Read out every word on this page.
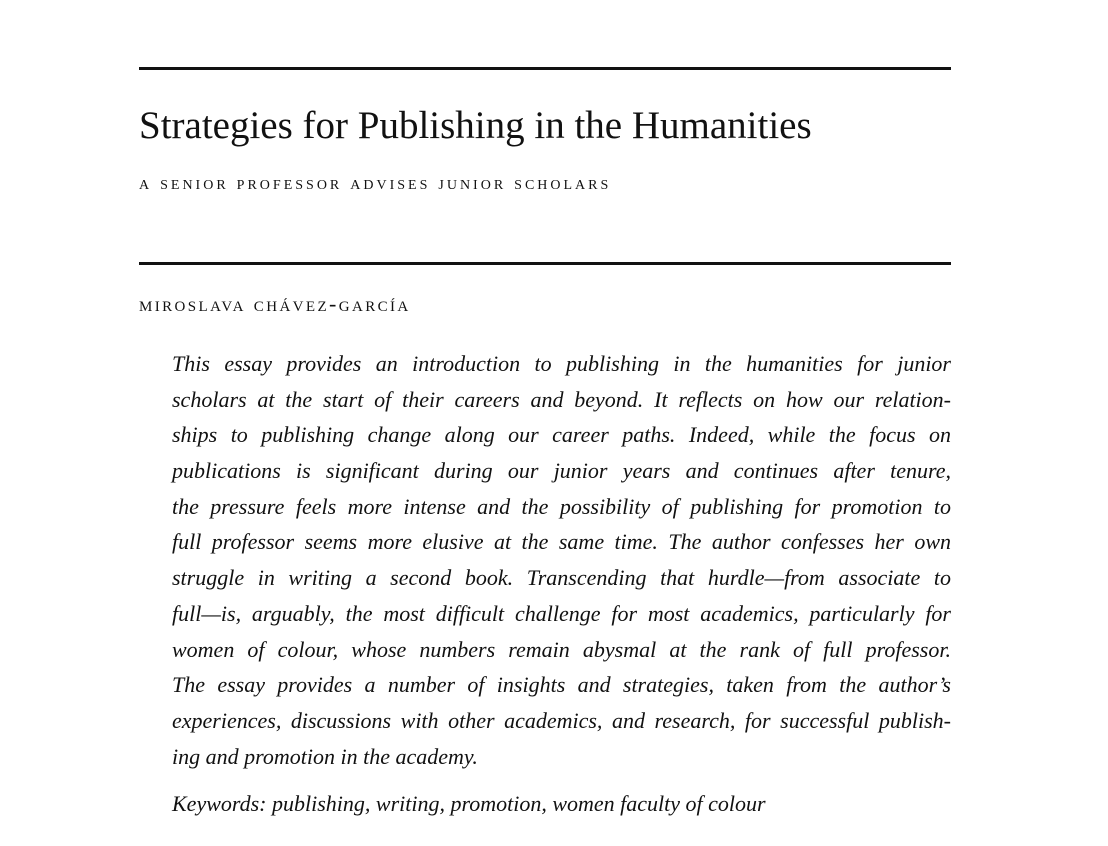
Strategies for Publishing in the Humanities
a senior professor advises junior scholars
miroslava chávez-garcía
This essay provides an introduction to publishing in the humanities for junior
scholars at the start of their careers and beyond. It reflects on how our relation-
ships to publishing change along our career paths. Indeed, while the focus on
publications is significant during our junior years and continues after tenure,
the pressure feels more intense and the possibility of publishing for promotion to
full professor seems more elusive at the same time. The author confesses her own
struggle in writing a second book. Transcending that hurdle—from associate to
full—is, arguably, the most difficult challenge for most academics, particularly for
women of colour, whose numbers remain abysmal at the rank of full professor.
The essay provides a number of insights and strategies, taken from the author’s
experiences, discussions with other academics, and research, for successful publish-
ing and promotion in the academy.
Keywords: publishing, writing, promotion, women faculty of colour
